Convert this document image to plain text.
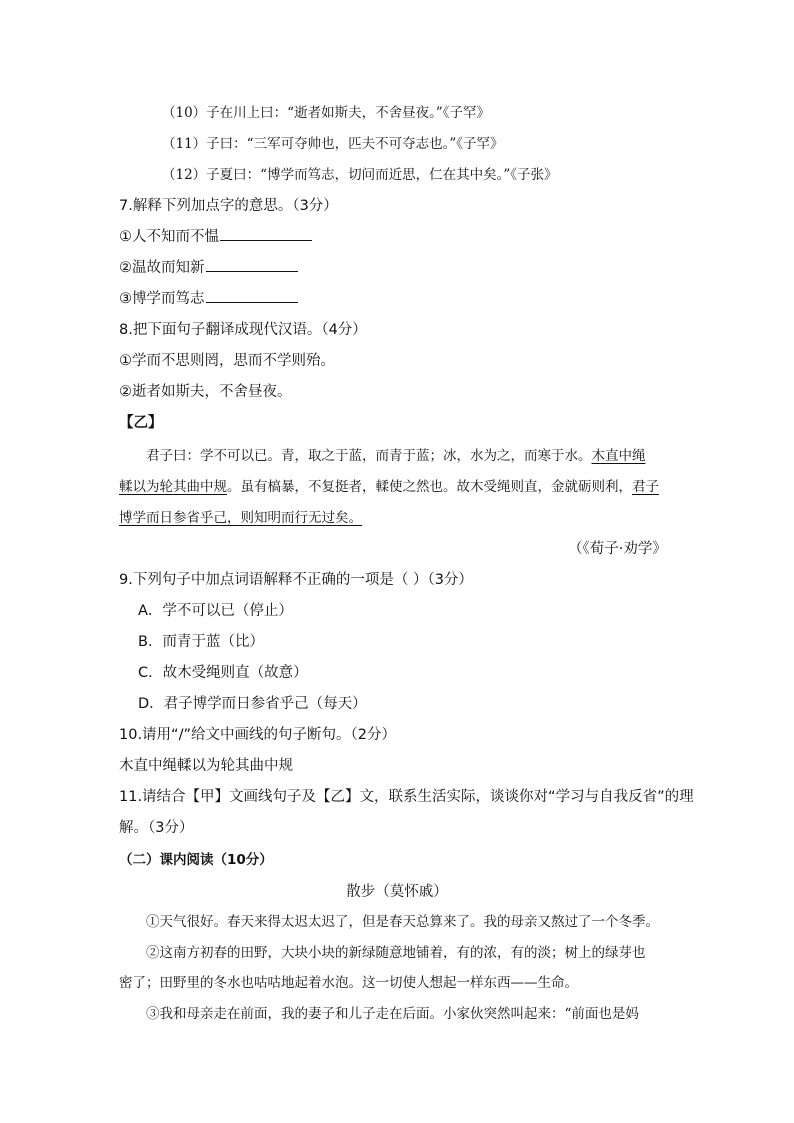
（10）子在川上曰：“逝者如斯夫，不舍昼夜。”《子罕》
（11）子曰：“三军可夺帅也，匹夫不可夺志也。”《子罕》
（12）子夏曰：“博学而笃志，切问而近思，仁在其中矣。”《子张》
7.解释下列加点字的意思。（3分）
①人不知而不愠
②温故而知新
③博学而笃志
8.把下面句子翻译成现代汉语。（4分）
①学而不思则罔，思而不学则殆。
②逝者如斯夫，不舍昼夜。
【乙】
君子曰：学不可以已。青，取之于蓝，而青于蓝；冰，水为之，而寒于水。木直中绳
輮以为轮其曲中规。虽有槁暴，不复挺者，輮使之然也。故木受绳则直，金就砺则利，君子
博学而日参省乎己，则知明而行无过矣。
（《荀子·劝学》
9.下列句子中加点词语解释不正确的一项是（ ）（3分）
A．学不可以已（停止）
B．而青于蓝（比）
C．故木受绳则直（故意）
D．君子博学而日参省乎己（每天）
10.请用“/”给文中画线的句子断句。（2分）
木直中绳輮以为轮其曲中规
11.请结合【甲】文画线句子及【乙】文，联系生活实际，谈谈你对“学习与自我反省”的理
解。（3分）
（二）课内阅读（10分）
散步（莫怀戚）
①天气很好。春天来得太迟太迟了，但是春天总算来了。我的母亲又熬过了一个冬季。
②这南方初春的田野，大块小块的新绿随意地铺着，有的浓，有的淡；树上的绿芽也
密了；田野里的冬水也咕咕地起着水泡。这一切使人想起一样东西——生命。
③我和母亲走在前面，我的妻子和儿子走在后面。小家伙突然叫起来：“前面也是妈
